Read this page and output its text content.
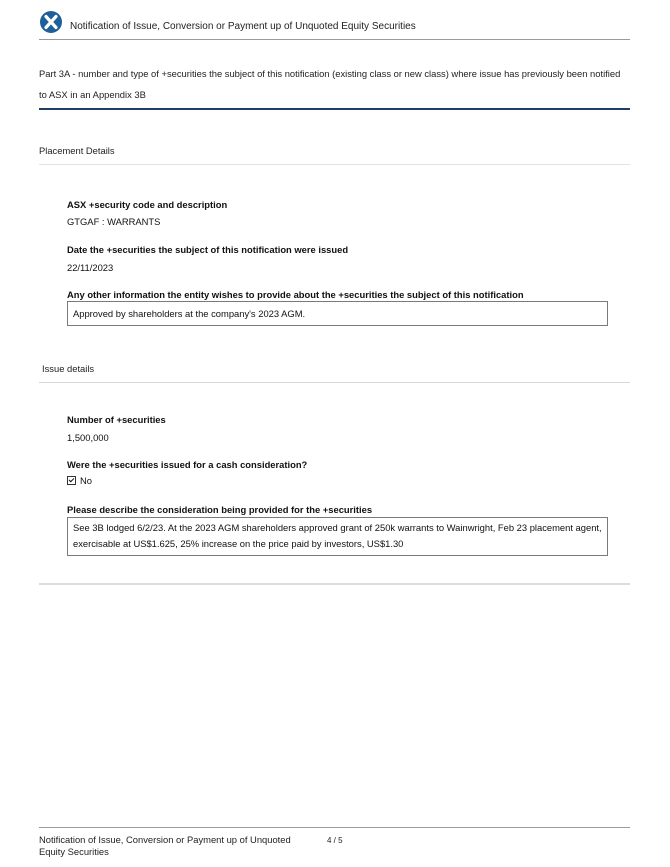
Notification of Issue, Conversion or Payment up of Unquoted Equity Securities
Part 3A - number and type of +securities the subject of this notification (existing class or new class) where issue has previously been notified to ASX in an Appendix 3B
Placement Details
ASX +security code and description
GTGAF : WARRANTS
Date the +securities the subject of this notification were issued
22/11/2023
Any other information the entity wishes to provide about the +securities the subject of this notification
Approved by shareholders at the company's 2023 AGM.
Issue details
Number of +securities
1,500,000
Were the +securities issued for a cash consideration?
No
Please describe the consideration being provided for the +securities
See 3B lodged 6/2/23. At the 2023 AGM shareholders approved grant of 250k warrants to Wainwright, Feb 23 placement agent, exercisable at US$1.625, 25% increase on the price paid by investors, US$1.30
Notification of Issue, Conversion or Payment up of Unquoted Equity Securities
4 / 5
